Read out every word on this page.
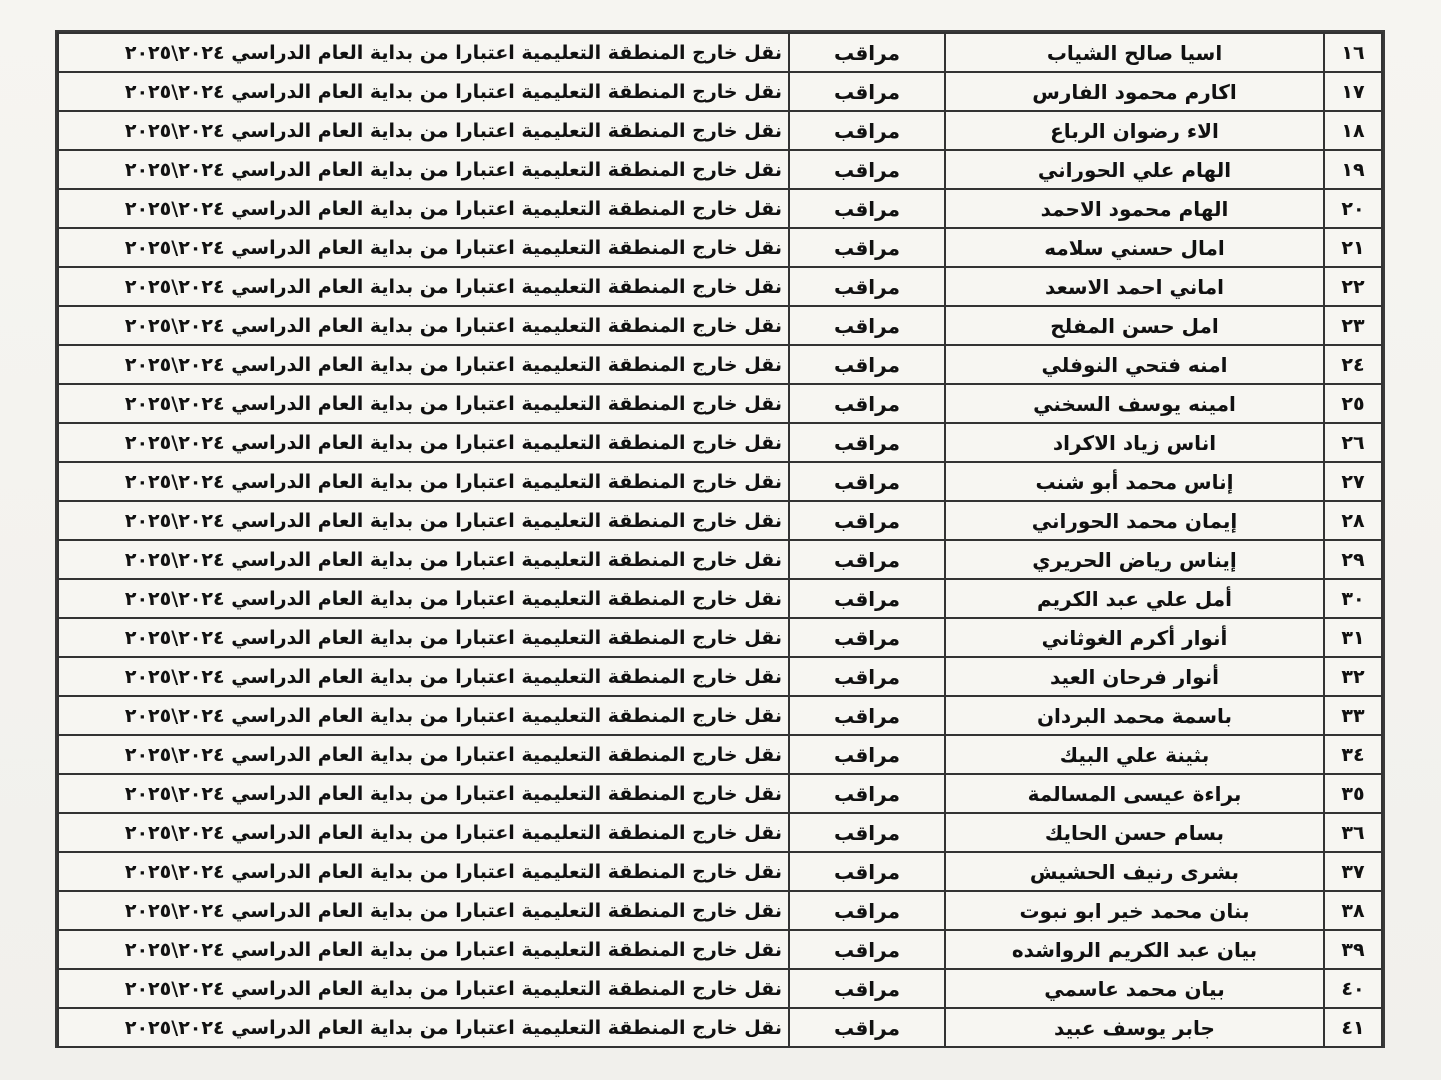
١٦	اسيا صالح الشياب	مراقب	نقل خارج المنطقة التعليمية اعتبارا من بداية العام الدراسي ٢٠٢٤\٢٠٢٥
١٧	اكارم محمود الفارس	مراقب	نقل خارج المنطقة التعليمية اعتبارا من بداية العام الدراسي ٢٠٢٤\٢٠٢٥
١٨	الاء رضوان الرباع	مراقب	نقل خارج المنطقة التعليمية اعتبارا من بداية العام الدراسي ٢٠٢٤\٢٠٢٥
١٩	الهام علي الحوراني	مراقب	نقل خارج المنطقة التعليمية اعتبارا من بداية العام الدراسي ٢٠٢٤\٢٠٢٥
٢٠	الهام محمود الاحمد	مراقب	نقل خارج المنطقة التعليمية اعتبارا من بداية العام الدراسي ٢٠٢٤\٢٠٢٥
٢١	امال حسني سلامه	مراقب	نقل خارج المنطقة التعليمية اعتبارا من بداية العام الدراسي ٢٠٢٤\٢٠٢٥
٢٢	اماني احمد الاسعد	مراقب	نقل خارج المنطقة التعليمية اعتبارا من بداية العام الدراسي ٢٠٢٤\٢٠٢٥
٢٣	امل حسن المفلح	مراقب	نقل خارج المنطقة التعليمية اعتبارا من بداية العام الدراسي ٢٠٢٤\٢٠٢٥
٢٤	امنه فتحي النوفلي	مراقب	نقل خارج المنطقة التعليمية اعتبارا من بداية العام الدراسي ٢٠٢٤\٢٠٢٥
٢٥	امينه يوسف السخني	مراقب	نقل خارج المنطقة التعليمية اعتبارا من بداية العام الدراسي ٢٠٢٤\٢٠٢٥
٢٦	اناس زياد الاكراد	مراقب	نقل خارج المنطقة التعليمية اعتبارا من بداية العام الدراسي ٢٠٢٤\٢٠٢٥
٢٧	إناس محمد أبو شنب	مراقب	نقل خارج المنطقة التعليمية اعتبارا من بداية العام الدراسي ٢٠٢٤\٢٠٢٥
٢٨	إيمان محمد الحوراني	مراقب	نقل خارج المنطقة التعليمية اعتبارا من بداية العام الدراسي ٢٠٢٤\٢٠٢٥
٢٩	إيناس رياض الحريري	مراقب	نقل خارج المنطقة التعليمية اعتبارا من بداية العام الدراسي ٢٠٢٤\٢٠٢٥
٣٠	أمل علي عبد الكريم	مراقب	نقل خارج المنطقة التعليمية اعتبارا من بداية العام الدراسي ٢٠٢٤\٢٠٢٥
٣١	أنوار أكرم الغوثاني	مراقب	نقل خارج المنطقة التعليمية اعتبارا من بداية العام الدراسي ٢٠٢٤\٢٠٢٥
٣٢	أنوار فرحان العيد	مراقب	نقل خارج المنطقة التعليمية اعتبارا من بداية العام الدراسي ٢٠٢٤\٢٠٢٥
٣٣	باسمة محمد البردان	مراقب	نقل خارج المنطقة التعليمية اعتبارا من بداية العام الدراسي ٢٠٢٤\٢٠٢٥
٣٤	بثينة علي البيك	مراقب	نقل خارج المنطقة التعليمية اعتبارا من بداية العام الدراسي ٢٠٢٤\٢٠٢٥
٣٥	براءة عيسى المسالمة	مراقب	نقل خارج المنطقة التعليمية اعتبارا من بداية العام الدراسي ٢٠٢٤\٢٠٢٥
٣٦	بسام حسن الحايك	مراقب	نقل خارج المنطقة التعليمية اعتبارا من بداية العام الدراسي ٢٠٢٤\٢٠٢٥
٣٧	بشرى رنيف الحشيش	مراقب	نقل خارج المنطقة التعليمية اعتبارا من بداية العام الدراسي ٢٠٢٤\٢٠٢٥
٣٨	بنان محمد خير ابو نبوت	مراقب	نقل خارج المنطقة التعليمية اعتبارا من بداية العام الدراسي ٢٠٢٤\٢٠٢٥
٣٩	بيان عبد الكريم الرواشده	مراقب	نقل خارج المنطقة التعليمية اعتبارا من بداية العام الدراسي ٢٠٢٤\٢٠٢٥
٤٠	بيان محمد عاسمي	مراقب	نقل خارج المنطقة التعليمية اعتبارا من بداية العام الدراسي ٢٠٢٤\٢٠٢٥
٤١	جابر يوسف عبيد	مراقب	نقل خارج المنطقة التعليمية اعتبارا من بداية العام الدراسي ٢٠٢٤\٢٠٢٥
